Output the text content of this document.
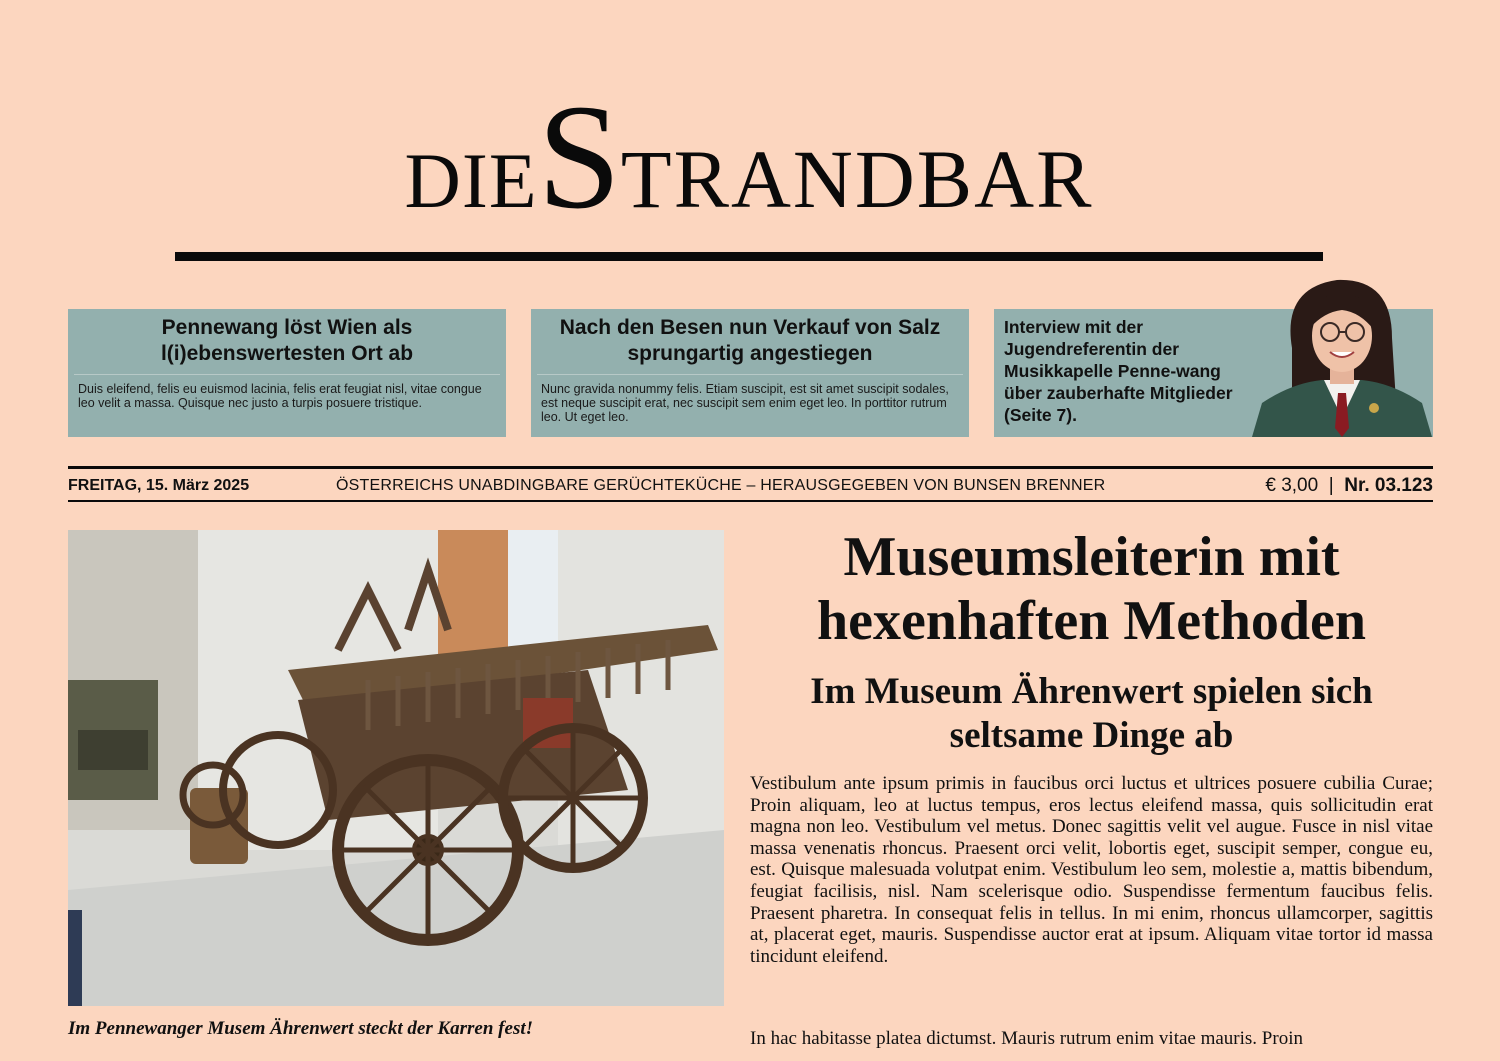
dieStrandbar
Pennewang löst Wien als l(i)ebenswertesten Ort ab
Duis eleifend, felis eu euismod lacinia, felis erat feugiat nisl, vitae congue leo velit a massa. Quisque nec justo a turpis posuere tristique.
Nach den Besen nun Verkauf von Salz sprungartig angestiegen
Nunc gravida nonummy felis. Etiam suscipit, est sit amet suscipit sodales, est neque suscipit erat, nec suscipit sem enim eget leo. In porttitor rutrum leo. Ut eget leo.
Interview mit der Jugendreferentin der Musikkapelle Penne-wang über zauberhafte Mitglieder (Seite 7).
FREITAG, 15. März 2025	ÖSTERREICHS UNABDINGBARE GERÜCHTEKÜCHE – HERAUSGEGEBEN VON BUNSEN BRENNER	€ 3,00 | Nr. 03.123
Im Pennewanger Musem Ährenwert steckt der Karren fest!
Museumsleiterin mit hexenhaften Methoden
Im Museum Ährenwert spielen sich seltsame Dinge ab
Vestibulum ante ipsum primis in faucibus orci luctus et ultrices posuere cubilia Curae; Proin aliquam, leo at luctus tempus, eros lectus eleifend massa, quis sollicitudin erat magna non leo. Vestibulum vel metus. Donec sagittis velit vel augue. Fusce in nisl vitae massa venenatis rhoncus. Praesent orci velit, lobortis eget, suscipit semper, congue eu, est. Quisque malesuada volutpat enim. Vestibulum leo sem, molestie a, mattis bibendum, feugiat facilisis, nisl. Nam scelerisque odio. Suspendisse fermentum faucibus felis. Praesent pharetra. In consequat felis in tellus. In mi enim, rhoncus ullamcorper, sagittis at, placerat eget, mauris. Suspendisse auctor erat at ipsum. Aliquam vitae tortor id massa tincidunt eleifend.
In hac habitasse platea dictumst. Mauris rutrum enim vitae mauris. Proin
